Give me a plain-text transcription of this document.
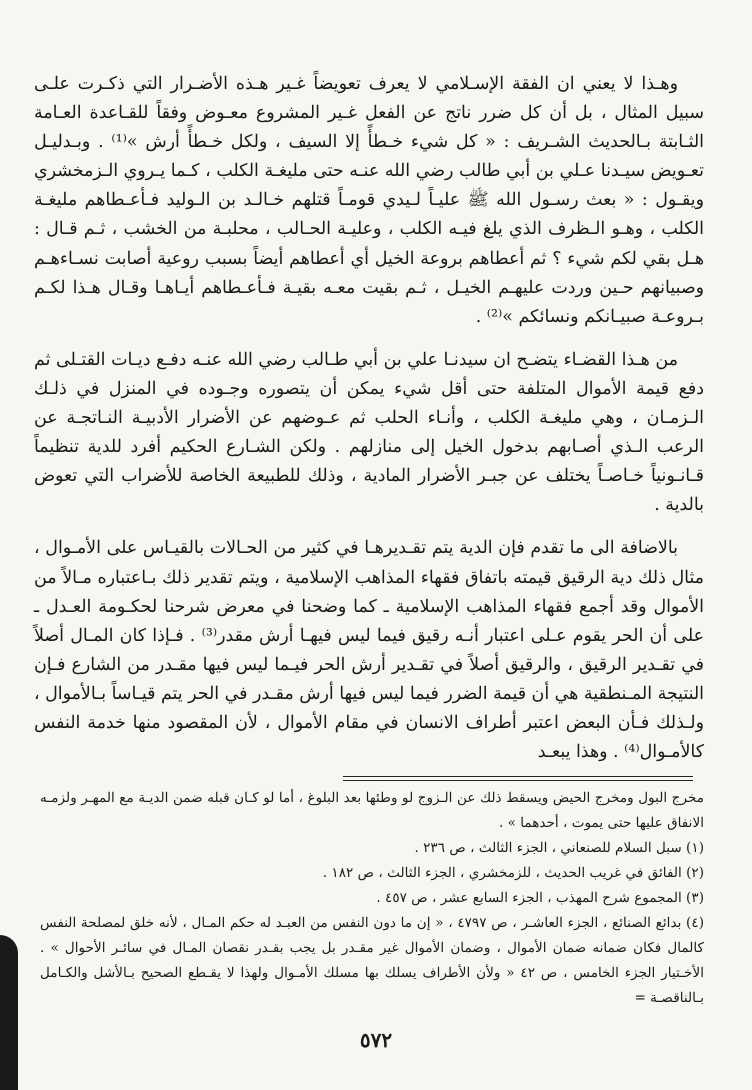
وهـذا لا يعني ان الفقة الإسـلامي لا يعرف تعويضاً غـير هـذه الأضـرار التي ذكـرت علـى سبيل المثال ، بل أن كل ضرر ناتج عن الفعل غـير المشروع معـوض وفقاً للقـاعدة العـامة الثـابتة بـالحديث الشـريف : « كل شيء خـطأً إلا السيف ، ولكل خـطأً أرش »⁽¹⁾ . وبـدليـل تعـويض سيـدنا عـلي بن أبي طالب رضي الله عنـه حتى مليغـة الكلب ، كـما يـروي الـزمخشري ويقـول : « بعث رسـول الله ﷺ عليـاً لـيدي قومـاً قتلهم خـالـد بن الـوليد فـأعـطاهم مليغـة الكلب ، وهـو الـظرف الذي يلغ فيـه الكلب ، وعليـة الحـالب ، محلبـة من الخشب ، ثـم قـال : هـل بقي لكم شيء ؟ ثم أعطاهم بروعة الخيل أي أعطاهم أيضاً بسبب روعية أصابت نسـاءهـم وصبيانهم حـين وردت عليهـم الخيـل ، ثـم بقيت معـه بقيـة فـأعـطاهم أيـاهـا وقـال هـذا لكـم بـروعـة صبيـانكم ونسائكم »⁽²⁾ .

من هـذا القضـاء يتضـح ان سيدنـا علي بن أبي طـالب رضي الله عنـه دفـع ديـات القتـلى ثم دفع قيمة الأموال المتلفة حتى أقل شيء يمكن أن يتصوره وجـوده في المنزل في ذلـك الـزمـان ، وهي مليغـة الكلب ، وأنـاء الحلب ثم عـوضهم عن الأضرار الأدبيـة النـاتجـة عن الرعب الـذي أصـابهم بدخول الخيل إلى منازلهم . ولكن الشـارع الحكيم أفرد للدية تنظيماً قـانـونياً خـاصـاً يختلف عن جبـر الأضرار المادية ، وذلك للطبيعة الخاصة للأضراب التي تعوض بالدية .

بالاضافة الى ما تقدم فإن الدية يتم تقـديرهـا في كثير من الحـالات بالقيـاس على الأمـوال ، مثال ذلك دية الرقيق قيمته باتفاق فقهاء المذاهب الإسلامية ، ويتم تقدير ذلك بـاعتباره مـالاً من الأموال وقد أجمع فقهاء المذاهب الإسلامية ـ كما وضحنا في معرض شرحنا لحكـومة العـدل ـ على أن الحر يقوم عـلى اعتبار أنـه رقيق فيما ليس فيهـا أرش مقدر⁽³⁾ . فـإذا كان المـال أصلاً في تقـدير الرقيق ، والرقيق أصلاً في تقـدير أرش الحر فيـما ليس فيها مقـدر من الشارع فـإن النتيجة المـنطقية هي أن قيمة الضرر فيما ليس فيها أرش مقـدر في الحر يتم قيـاساً بـالأموال ، ولـذلك فـأن البعض اعتبر أطراف الانسان في مقام الأموال ، لأن المقصود منها خدمة النفس كالأمـوال⁽⁴⁾ . وهذا يبعـد

مخرج البول ومخرج الحيض ويسقط ذلك عن الـزوج لو وطئها بعد البلوغ ، أما لو كـان قبله ضمن الديـة مع المهـر ولزمـه الانفاق عليها حتى يموت ، أحدهما » .

(١) سبل السلام للصنعاني ، الجزء الثالث ، ص ٢٣٦ .

(٢) الفائق في غريب الحديث ، للزمخشري ، الجزء الثالث ، ص ١٨٢ .

(٣) المجموع شرح المهذب ، الجزء السابع عشر ، ص ٤٥٧ .

(٤) بدائع الصنائع ، الجزء العاشـر ، ص ٤٧٩٧ ، « إن ما دون النفس من العبـد له حكم المـال ، لأنه خلق لمصلحة النفس كالمال فكان ضمانه ضمان الأموال ، وضمان الأموال غير مقـدر بل يجب بقـدر نقصان المـال في سائـر الأحوال » . الأخـتيار الجزء الخامس ، ص ٤٢ « ولأن الأطراف يسلك بها مسلك الأمـوال ولهذا لا يقـطع الصحيح بـالأشل والكـامل بـالناقصـة =

٥٧٢
